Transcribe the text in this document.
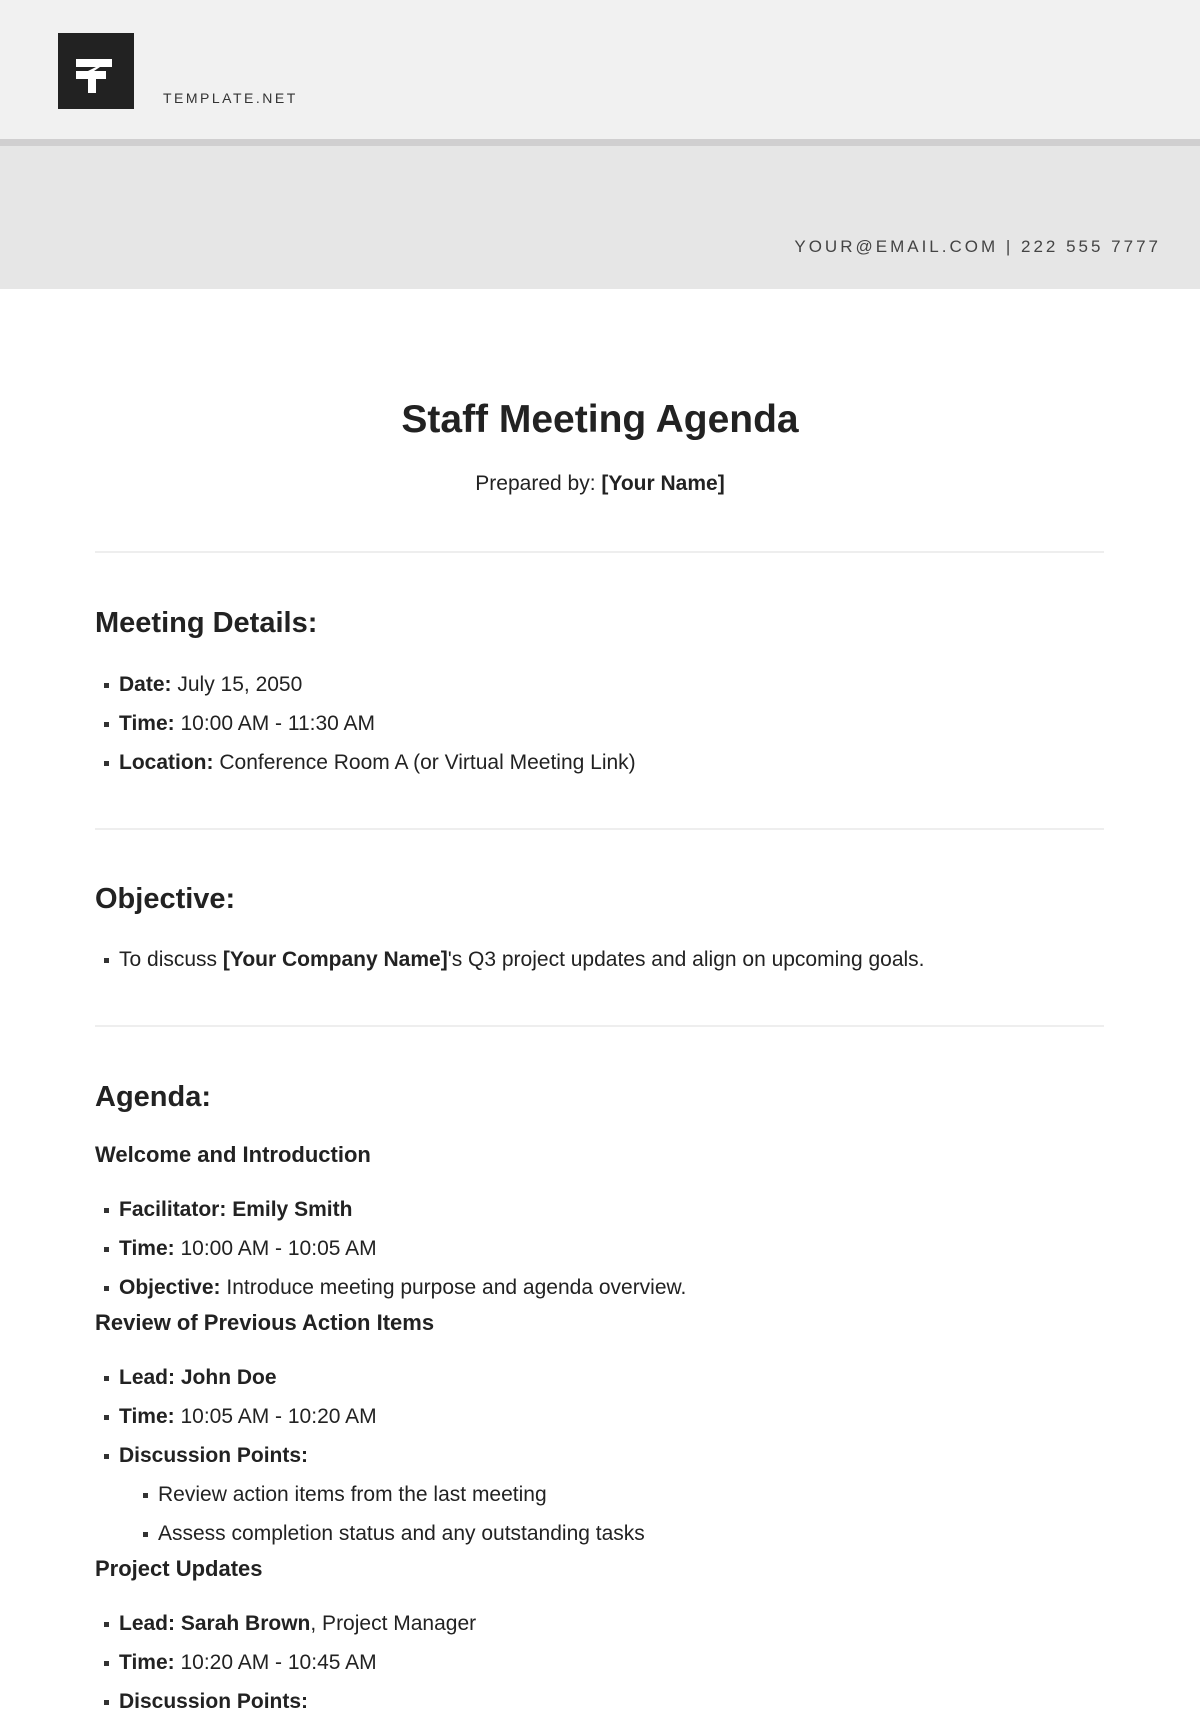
TEMPLATE.NET
YOUR@EMAIL.COM | 222 555 7777
Staff Meeting Agenda
Prepared by: [Your Name]
Meeting Details:
Date: July 15, 2050
Time: 10:00 AM - 11:30 AM
Location: Conference Room A (or Virtual Meeting Link)
Objective:
To discuss [Your Company Name]'s Q3 project updates and align on upcoming goals.
Agenda:
Welcome and Introduction
Facilitator: Emily Smith
Time: 10:00 AM - 10:05 AM
Objective: Introduce meeting purpose and agenda overview.
Review of Previous Action Items
Lead: John Doe
Time: 10:05 AM - 10:20 AM
Discussion Points:
Review action items from the last meeting
Assess completion status and any outstanding tasks
Project Updates
Lead: Sarah Brown, Project Manager
Time: 10:20 AM - 10:45 AM
Discussion Points:
